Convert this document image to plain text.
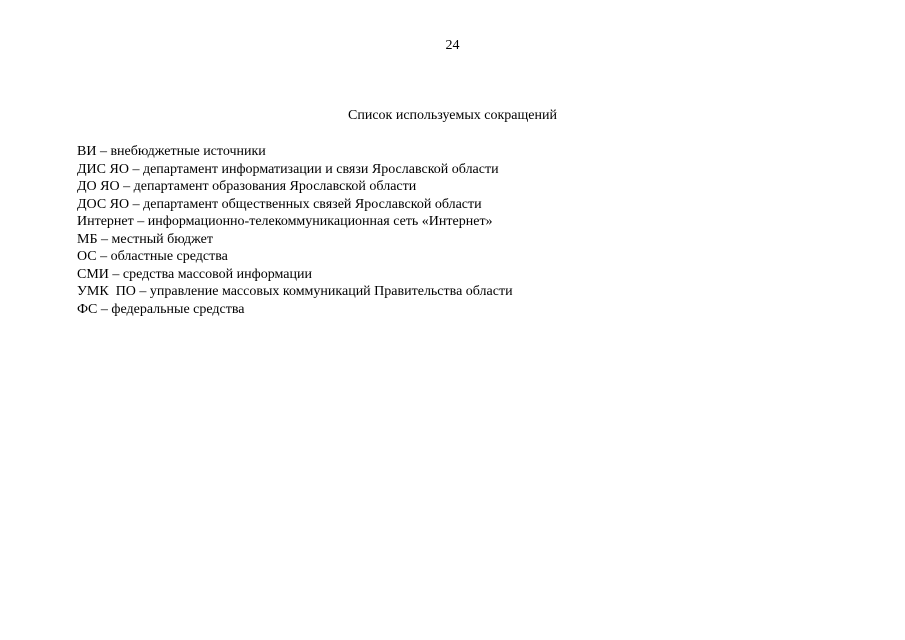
24
Список используемых сокращений
ВИ – внебюджетные источники
ДИС ЯО – департамент информатизации и связи Ярославской области
ДО ЯО – департамент образования Ярославской области
ДОС ЯО – департамент общественных связей Ярославской области
Интернет – информационно-телекоммуникационная сеть «Интернет»
МБ – местный бюджет
ОС – областные средства
СМИ – средства массовой информации
УМК  ПО – управление массовых коммуникаций Правительства области
ФС – федеральные средства
